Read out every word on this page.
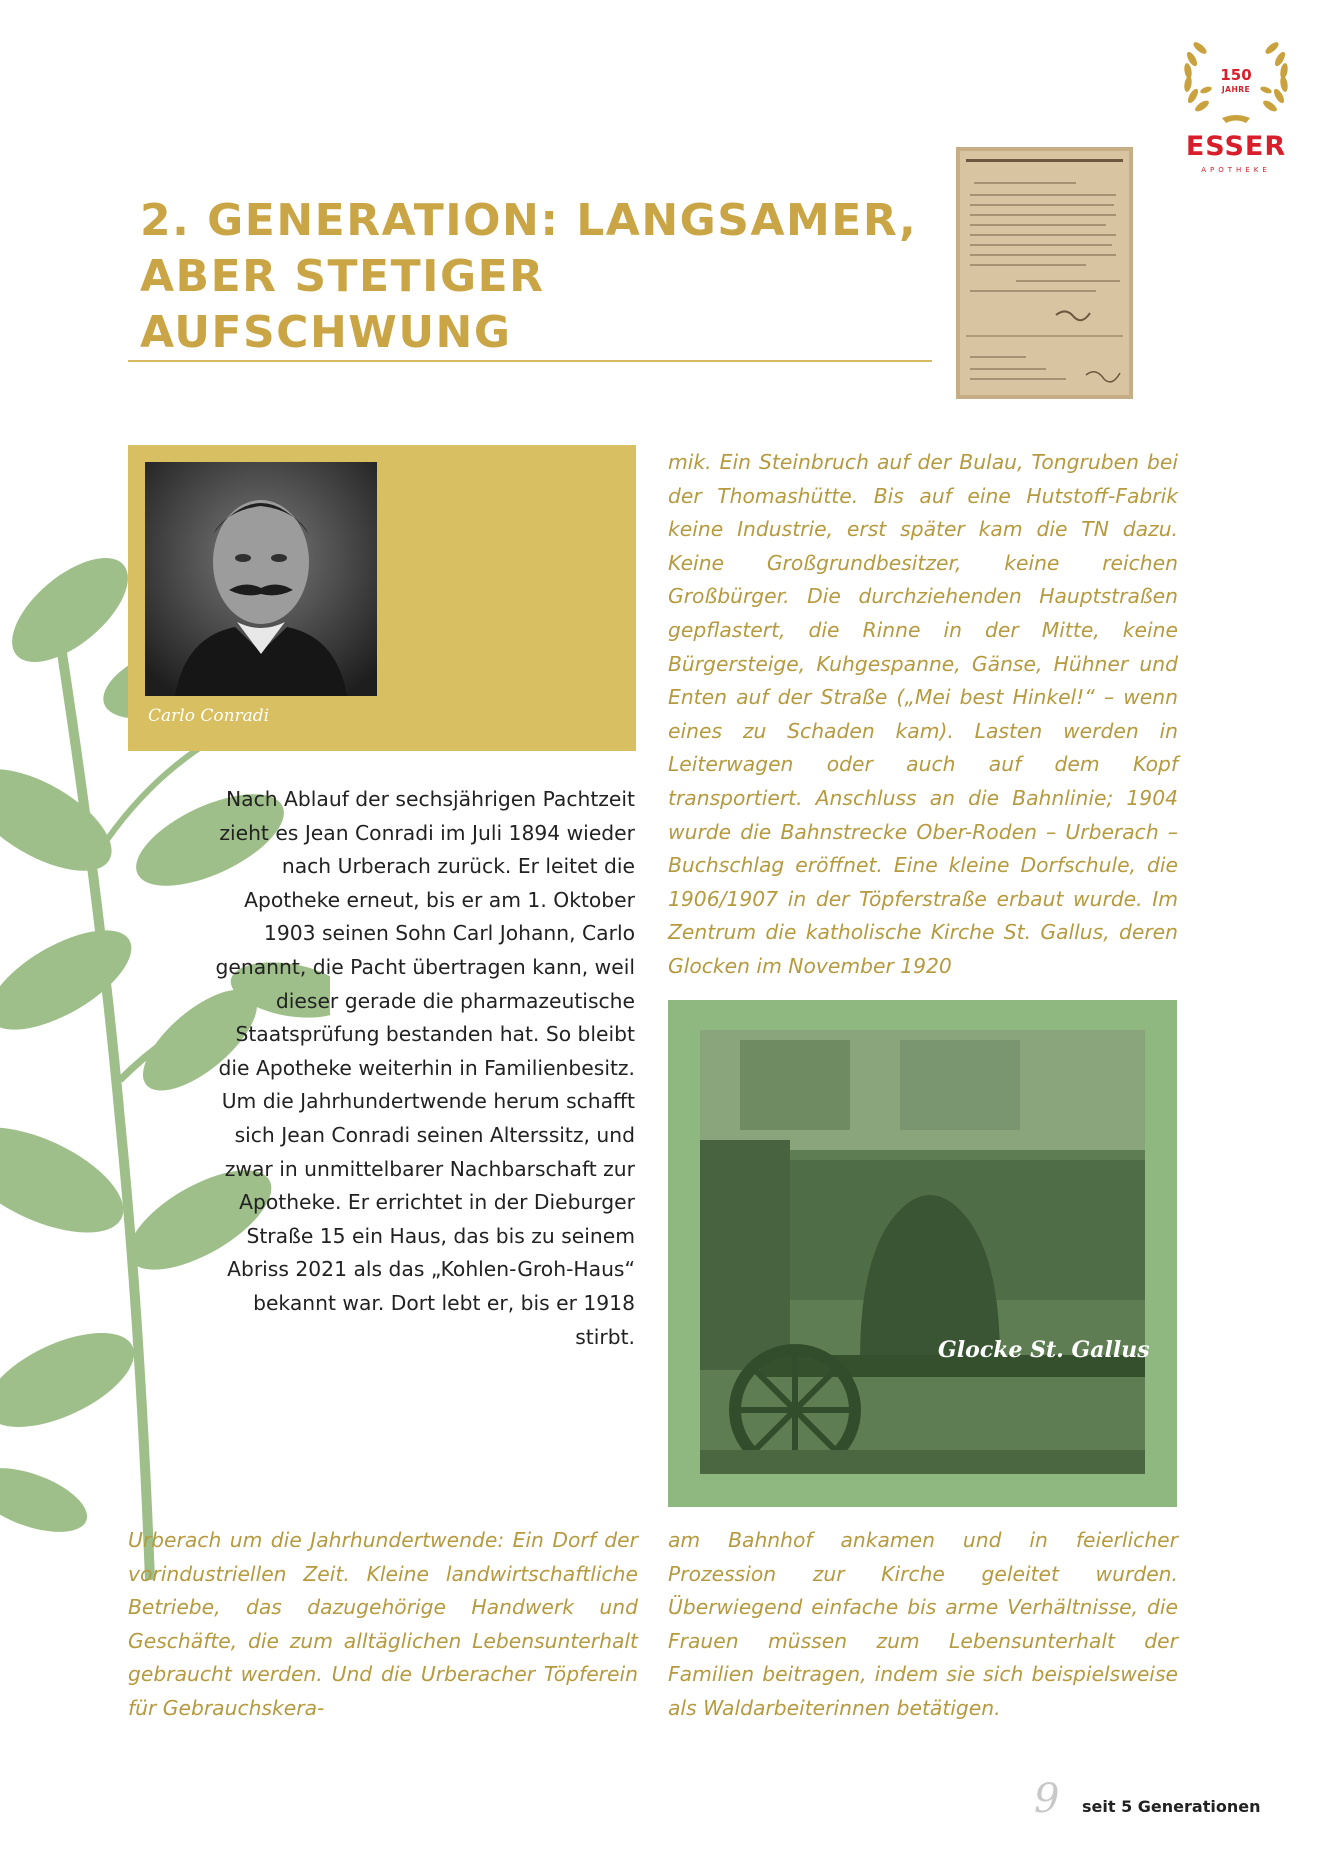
150
JAHRE
ESSER
APOTHEKE
2. GENERATION: LANGSAMER, ABER STETIGER AUFSCHWUNG
Carlo Conradi

Nach Ablauf der sechsjährigen Pachtzeit zieht es Jean Conradi im Juli 1894 wieder nach Urberach zurück. Er leitet die Apotheke erneut, bis er am 1. Oktober 1903 seinen Sohn Carl Johann, Carlo genannt, die Pacht übertragen kann, weil dieser gerade die pharmazeutische Staatsprüfung bestanden hat. So bleibt die Apotheke weiterhin in Familienbesitz. Um die Jahrhundertwende herum schafft sich Jean Conradi seinen Alterssitz, und zwar in unmittelbarer Nachbarschaft zur Apotheke. Er errichtet in der Dieburger Straße 15 ein Haus, das bis zu seinem Abriss 2021 als das „Kohlen-Groh-Haus“ bekannt war. Dort lebt er, bis er 1918 stirbt.

mik. Ein Steinbruch auf der Bulau, Tongruben bei der Thomashütte. Bis auf eine Hutstoff-Fabrik keine Industrie, erst später kam die TN dazu. Keine Großgrundbesitzer, keine reichen Großbürger. Die durchziehenden Hauptstraßen gepflastert, die Rinne in der Mitte, keine Bürgersteige, Kuhgespanne, Gänse, Hühner und Enten auf der Straße („Mei best Hinkel!“ – wenn eines zu Schaden kam). Lasten werden in Leiterwagen oder auch auf dem Kopf transportiert. Anschluss an die Bahnlinie; 1904 wurde die Bahnstrecke Ober-Roden – Urberach – Buchschlag eröffnet. Eine kleine Dorfschule, die 1906/1907 in der Töpferstraße erbaut wurde. Im Zentrum die katholische Kirche St. Gallus, deren Glocken im November 1920

Glocke St. Gallus

Urberach um die Jahrhundertwende: Ein Dorf der vorindustriellen Zeit. Kleine landwirtschaftliche Betriebe, das dazugehörige Handwerk und Geschäfte, die zum alltäglichen Lebensunterhalt gebraucht werden. Und die Urberacher Töpferein für Gebrauchskera-

am Bahnhof ankamen und in feierlicher Prozession zur Kirche geleitet wurden. Überwiegend einfache bis arme Verhältnisse, die Frauen müssen zum Lebensunterhalt der Familien beitragen, indem sie sich beispielsweise als Waldarbeiterinnen betätigen.

9 seit 5 Generationen
